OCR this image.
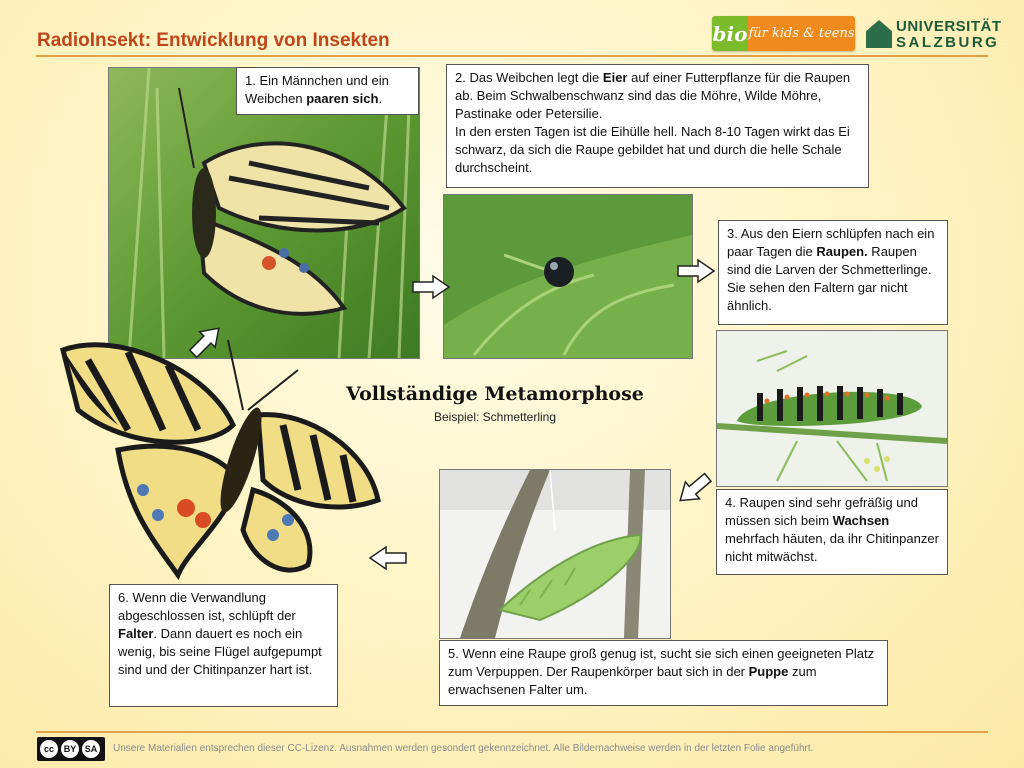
RadioInsekt: Entwicklung von Insekten	bio für kids & teens	UNIVERSITÄT
SALZBURG
1. Ein Männchen und ein Weibchen paaren sich.
2. Das Weibchen legt die Eier auf einer Futterpflanze für die Raupen ab. Beim Schwalbenschwanz sind das die Möhre, Wilde Möhre, Pastinake oder Petersilie.
In den ersten Tagen ist die Eihülle hell. Nach 8-10 Tagen wirkt das Ei schwarz, da sich die Raupe gebildet hat und durch die helle Schale durchscheint.
3. Aus den Eiern schlüpfen nach ein paar Tagen die Raupen. Raupen sind die Larven der Schmetterlinge. Sie sehen den Faltern gar nicht ähnlich.
4. Raupen sind sehr gefräßig und müssen sich beim Wachsen mehrfach häuten, da ihr Chitinpanzer nicht mitwächst.
5. Wenn eine Raupe groß genug ist, sucht sie sich einen geeigneten Platz zum Verpuppen. Der Raupenkörper baut sich in der Puppe zum erwachsenen Falter um.
6. Wenn die Verwandlung abgeschlossen ist, schlüpft der Falter. Dann dauert es noch ein wenig, bis seine Flügel aufgepumpt sind und der Chitinpanzer hart ist.
Vollständige Metamorphose
Beispiel: Schmetterling
cc	BY SA Unsere Materialien entsprechen dieser CC-Lizenz. Ausnahmen werden gesondert gekennzeichnet. Alle Bildernachweise werden in der letzten Folie angeführt.
